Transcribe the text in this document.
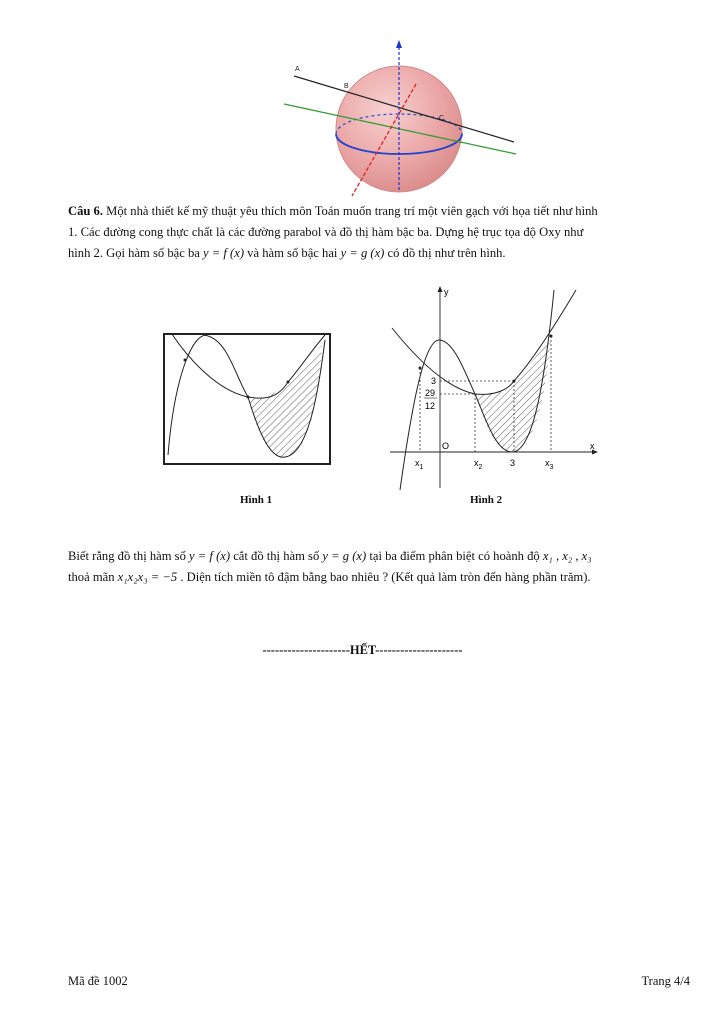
A
B
C
Câu 6. Một nhà thiết kế mỹ thuật yêu thích môn Toán muốn trang trí một viên gạch với họa tiết như hình
1. Các đường cong thực chất là các đường parabol và đồ thị hàm bậc ba. Dựng hệ trục tọa độ Oxy như
hình 2. Gọi hàm số bậc ba y = f (x) và hàm số bậc hai y = g (x) có đồ thị như trên hình.
y
x
O
3
29
12
$x_1$	$x_2$	3	$x_3$
Hình 1	Hình 2
Biết rằng đồ thị hàm số y = f (x) cắt đồ thị hàm số y = g (x) tại ba điểm phân biệt có hoành độ x₁ , x₂ , x₃
thoả mãn x₁x₂x₃ = −5 . Diện tích miền tô đậm bằng bao nhiêu ? (Kết quả làm tròn đến hàng phần trăm).
---------------------HẾT---------------------
Mã đề 1002	Trang 4/4
